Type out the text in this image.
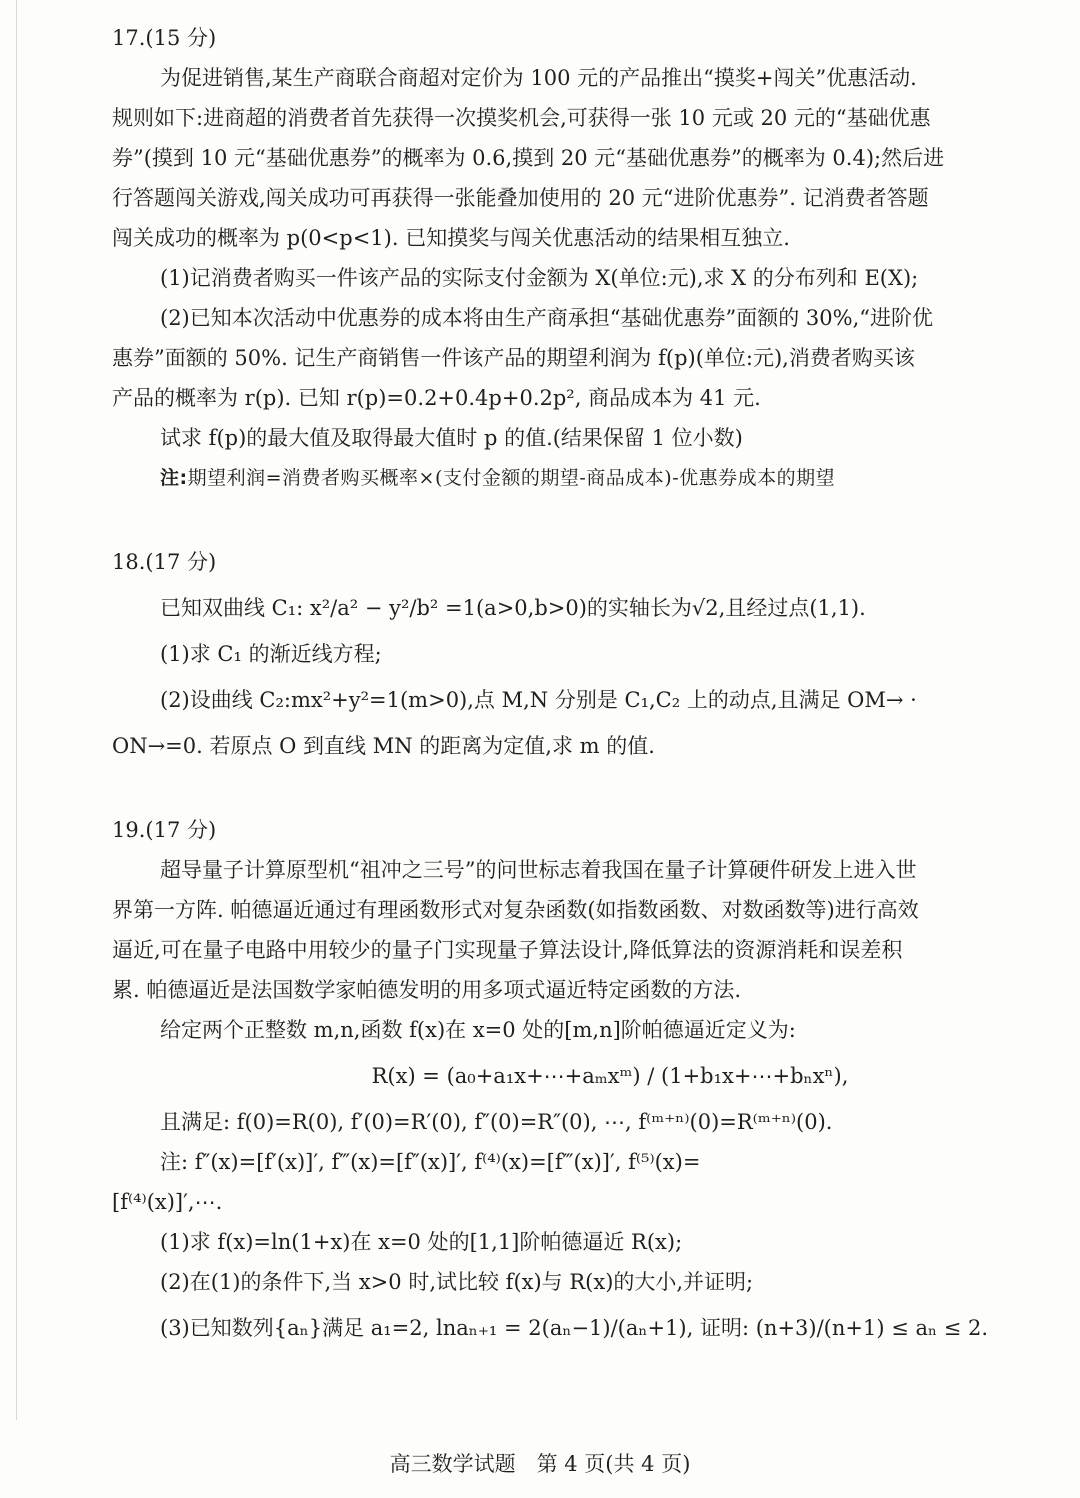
17.(15 分)
为促进销售,某生产商联合商超对定价为 100 元的产品推出“摸奖+闯关”优惠活动.
规则如下:进商超的消费者首先获得一次摸奖机会,可获得一张 10 元或 20 元的“基础优惠
券”(摸到 10 元“基础优惠券”的概率为 0.6,摸到 20 元“基础优惠券”的概率为 0.4);然后进
行答题闯关游戏,闯关成功可再获得一张能叠加使用的 20 元“进阶优惠券”. 记消费者答题
闯关成功的概率为 p(0<p<1). 已知摸奖与闯关优惠活动的结果相互独立.
(1)记消费者购买一件该产品的实际支付金额为 X(单位:元),求 X 的分布列和 E(X);
(2)已知本次活动中优惠券的成本将由生产商承担“基础优惠券”面额的 30%,“进阶优
惠券”面额的 50%. 记生产商销售一件该产品的期望利润为 f(p)(单位:元),消费者购买该
产品的概率为 r(p). 已知 r(p)=0.2+0.4p+0.2p², 商品成本为 41 元.
试求 f(p)的最大值及取得最大值时 p 的值.(结果保留 1 位小数)
注:期望利润=消费者购买概率×(支付金额的期望-商品成本)-优惠券成本的期望
18.(17 分)
已知双曲线 C₁: x²/a² − y²/b² =1(a>0,b>0)的实轴长为√2,且经过点(1,1).
(1)求 C₁ 的渐近线方程;
(2)设曲线 C₂:mx²+y²=1(m>0),点 M,N 分别是 C₁,C₂ 上的动点,且满足 OM→ ·
ON→=0. 若原点 O 到直线 MN 的距离为定值,求 m 的值.
19.(17 分)
超导量子计算原型机“祖冲之三号”的问世标志着我国在量子计算硬件研发上进入世
界第一方阵. 帕德逼近通过有理函数形式对复杂函数(如指数函数、对数函数等)进行高效
逼近,可在量子电路中用较少的量子门实现量子算法设计,降低算法的资源消耗和误差积
累. 帕德逼近是法国数学家帕德发明的用多项式逼近特定函数的方法.
给定两个正整数 m,n,函数 f(x)在 x=0 处的[m,n]阶帕德逼近定义为:
R(x) = (a₀+a₁x+⋯+aₘxᵐ) / (1+b₁x+⋯+bₙxⁿ),
且满足: f(0)=R(0), f′(0)=R′(0), f″(0)=R″(0), ⋯, f⁽ᵐ⁺ⁿ⁾(0)=R⁽ᵐ⁺ⁿ⁾(0).
注: f″(x)=[f′(x)]′, f‴(x)=[f″(x)]′, f⁽⁴⁾(x)=[f‴(x)]′, f⁽⁵⁾(x)=
[f⁽⁴⁾(x)]′,⋯.
(1)求 f(x)=ln(1+x)在 x=0 处的[1,1]阶帕德逼近 R(x);
(2)在(1)的条件下,当 x>0 时,试比较 f(x)与 R(x)的大小,并证明;
(3)已知数列{aₙ}满足 a₁=2, lnaₙ₊₁ = 2(aₙ−1)/(aₙ+1), 证明: (n+3)/(n+1) ≤ aₙ ≤ 2.
高三数学试题　第 4 页(共 4 页)
